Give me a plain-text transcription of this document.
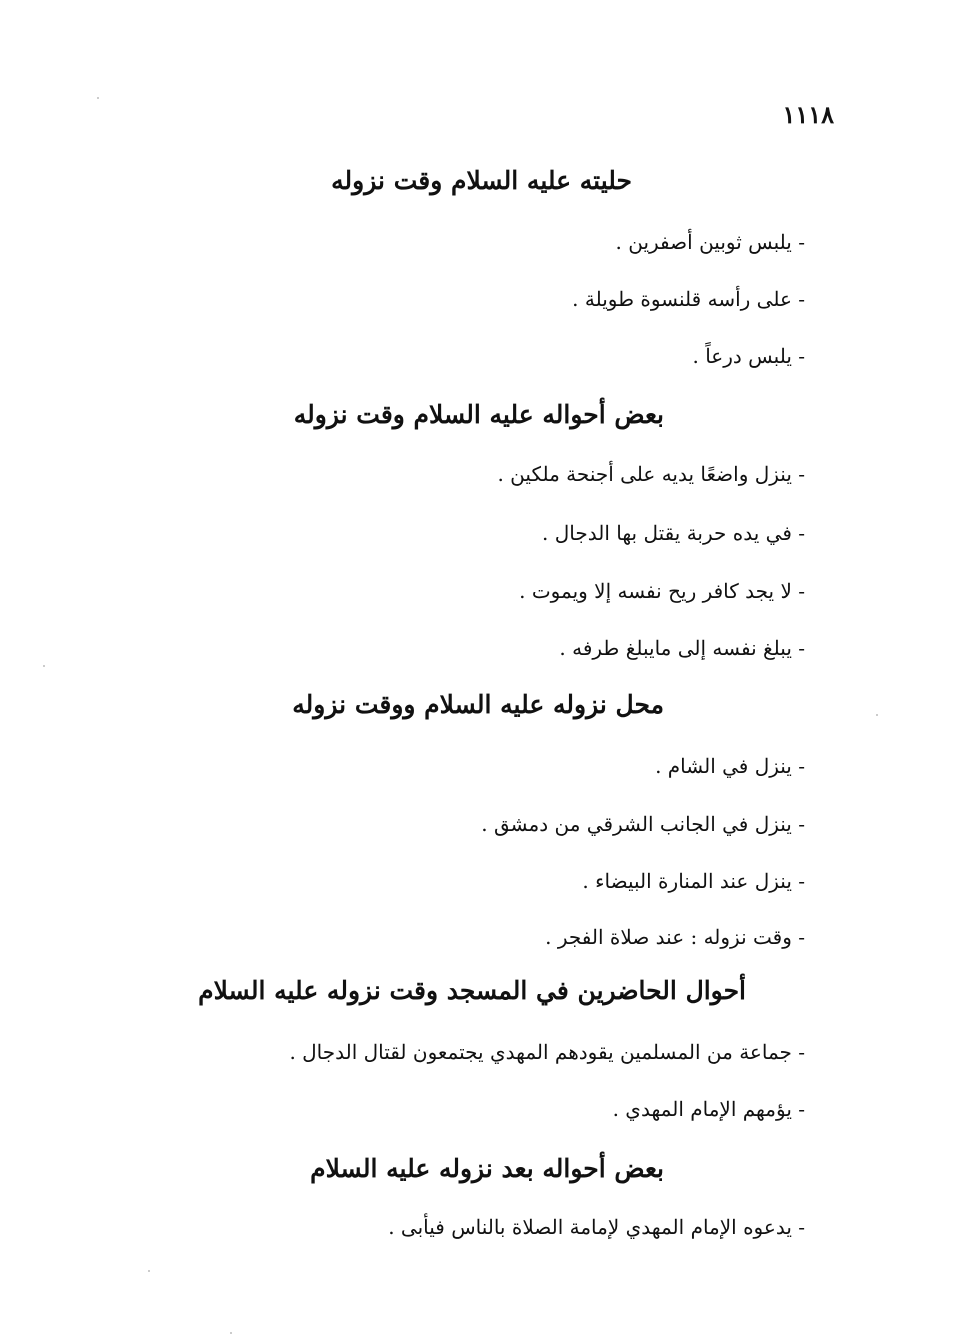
١١١٨
حليته عليه السلام وقت نزوله
- يلبس ثوبين أصفرين .
- على رأسه قلنسوة طويلة .
- يلبس درعاً .
بعض أحواله عليه السلام وقت نزوله
- ينزل واضعًا يديه على أجنحة ملكين .
- في يده حربة يقتل بها الدجال .
- لا يجد كافر ريح نفسه إلا ويموت .
- يبلغ نفسه إلى مايبلغ طرفه .
محل نزوله عليه السلام ووقت نزوله
- ينزل في الشام .
- ينزل في الجانب الشرقي من دمشق .
- ينزل عند المنارة البيضاء .
- وقت نزوله : عند صلاة الفجر .
أحوال الحاضرين في المسجد وقت نزوله عليه السلام
- جماعة من المسلمين يقودهم المهدي يجتمعون لقتال الدجال .
- يؤمهم الإمام المهدي .
بعض أحواله بعد نزوله عليه السلام
- يدعوه الإمام المهدي لإمامة الصلاة بالناس فيأبى .
